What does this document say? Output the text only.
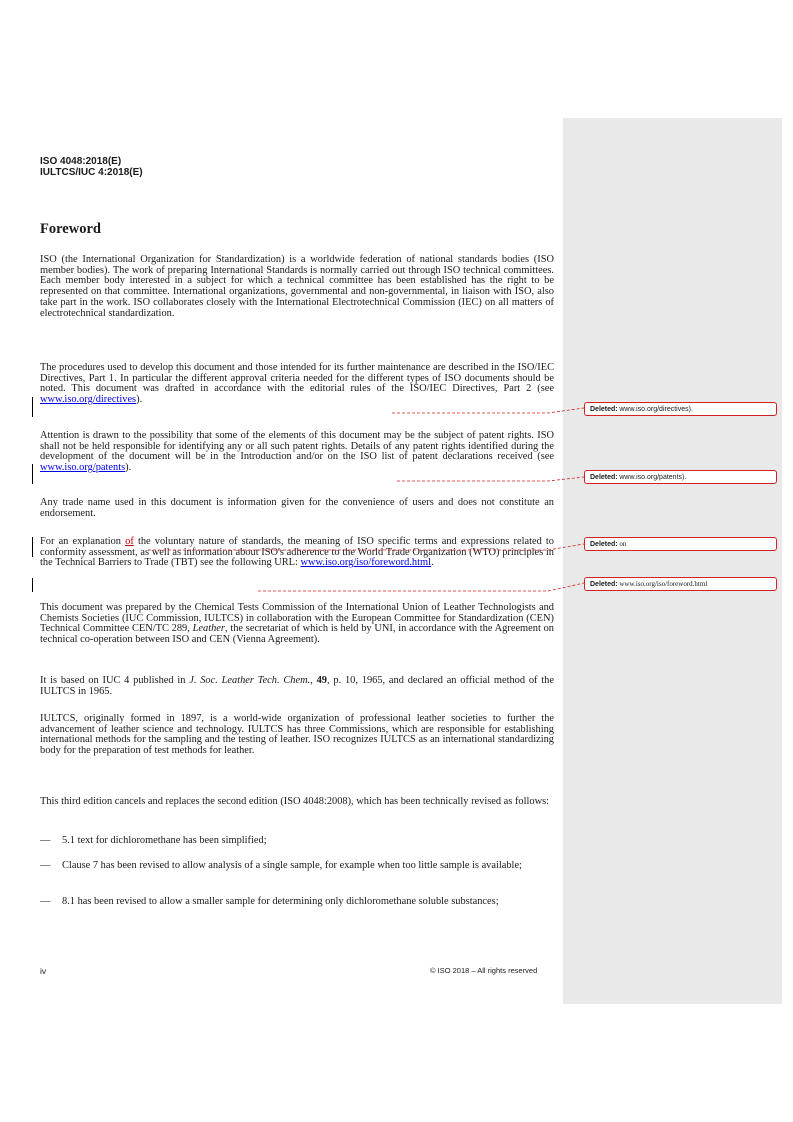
ISO 4048:2018(E)
IULTCS/IUC 4:2018(E)
Foreword

ISO (the International Organization for Standardization) is a worldwide federation of national standards bodies (ISO member bodies). The work of preparing International Standards is normally carried out through ISO technical committees. Each member body interested in a subject for which a technical committee has been established has the right to be represented on that committee. International organizations, governmental and non-governmental, in liaison with ISO, also take part in the work. ISO collaborates closely with the International Electrotechnical Commission (IEC) on all matters of electrotechnical standardization.

The procedures used to develop this document and those intended for its further maintenance are described in the ISO/IEC Directives, Part 1. In particular the different approval criteria needed for the different types of ISO documents should be noted. This document was drafted in accordance with the editorial rules of the ISO/IEC Directives, Part 2 (see www.iso.org/directives).

Attention is drawn to the possibility that some of the elements of this document may be the subject of patent rights. ISO shall not be held responsible for identifying any or all such patent rights. Details of any patent rights identified during the development of the document will be in the Introduction and/or on the ISO list of patent declarations received (see www.iso.org/patents).

Any trade name used in this document is information given for the convenience of users and does not constitute an endorsement.

For an explanation of the voluntary nature of standards, the meaning of ISO specific terms and expressions related to conformity assessment, as well as information about ISO's adherence to the World Trade Organization (WTO) principles in the Technical Barriers to Trade (TBT) see the following URL: www.iso.org/iso/foreword.html.

This document was prepared by the Chemical Tests Commission of the International Union of Leather Technologists and Chemists Societies (IUC Commission, IULTCS) in collaboration with the European Committee for Standardization (CEN) Technical Committee CEN/TC 289, Leather, the secretariat of which is held by UNI, in accordance with the Agreement on technical co-operation between ISO and CEN (Vienna Agreement).

It is based on IUC 4 published in J. Soc. Leather Tech. Chem., 49, p. 10, 1965, and declared an official method of the IULTCS in 1965.

IULTCS, originally formed in 1897, is a world-wide organization of professional leather societies to further the advancement of leather science and technology. IULTCS has three Commissions, which are responsible for establishing international methods for the sampling and the testing of leather. ISO recognizes IULTCS as an international standardizing body for the preparation of test methods for leather.

This third edition cancels and replaces the second edition (ISO 4048:2008), which has been technically revised as follows:

— 5.1 text for dichloromethane has been simplified;
— Clause 7 has been revised to allow analysis of a single sample, for example when too little sample is available;
— 8.1 has been revised to allow a smaller sample for determining only dichloromethane soluble substances;
Deleted: www.iso.org/directives).
Deleted: www.iso.org/patents).
Deleted: on
Deleted: www.iso.org/iso/foreword.html
iv	© ISO 2018 – All rights reserved
